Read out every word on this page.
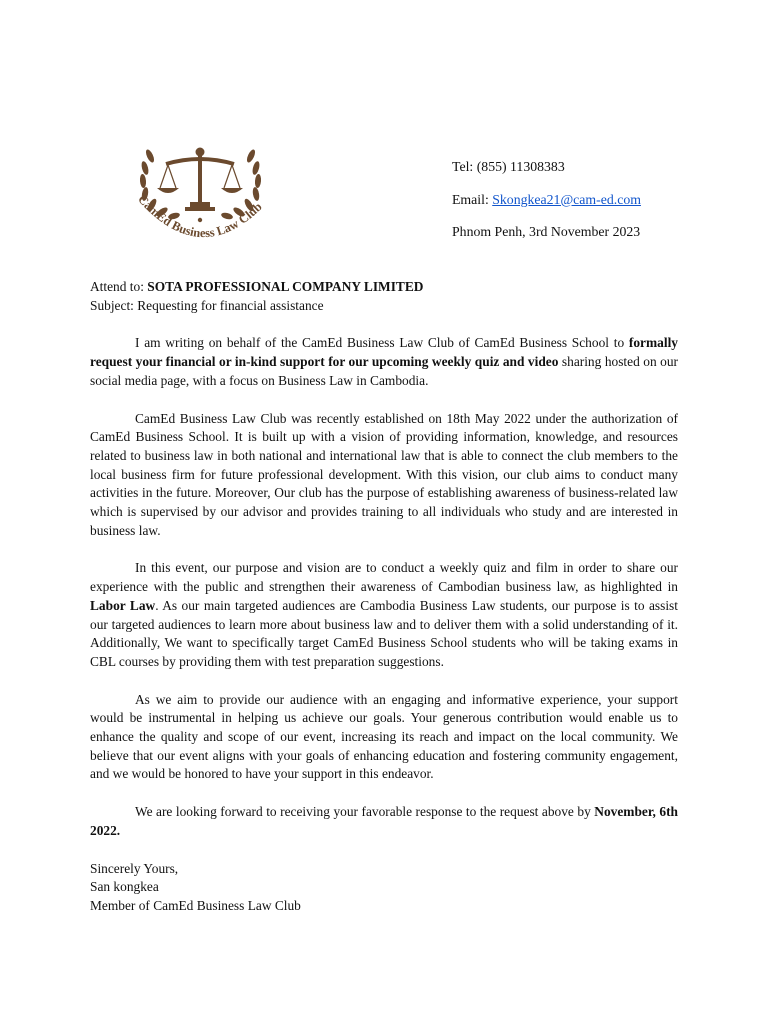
CamEd Business Law Club
Tel: (855) 11308383
Email: Skongkea21@cam-ed.com
Phnom Penh, 3rd November 2023

Attend to: SOTA PROFESSIONAL COMPANY LIMITED

Subject: Requesting for financial assistance

I am writing on behalf of the CamEd Business Law Club of CamEd Business School to formally request your financial or in-kind support for our upcoming weekly quiz and video sharing hosted on our social media page, with a focus on Business Law in Cambodia.

CamEd Business Law Club was recently established on 18th May 2022 under the authorization of CamEd Business School. It is built up with a vision of providing information, knowledge, and resources related to business law in both national and international law that is able to connect the club members to the local business firm for future professional development. With this vision, our club aims to conduct many activities in the future. Moreover, Our club has the purpose of establishing awareness of business-related law which is supervised by our advisor and provides training to all individuals who study and are interested in business law.

In this event, our purpose and vision are to conduct a weekly quiz and film in order to share our experience with the public and strengthen their awareness of Cambodian business law, as highlighted in Labor Law. As our main targeted audiences are Cambodia Business Law students, our purpose is to assist our targeted audiences to learn more about business law and to deliver them with a solid understanding of it. Additionally, We want to specifically target CamEd Business School students who will be taking exams in CBL courses by providing them with test preparation suggestions.

As we aim to provide our audience with an engaging and informative experience, your support would be instrumental in helping us achieve our goals. Your generous contribution would enable us to enhance the quality and scope of our event, increasing its reach and impact on the local community. We believe that our event aligns with your goals of enhancing education and fostering community engagement, and we would be honored to have your support in this endeavor.

We are looking forward to receiving your favorable response to the request above by November, 6th 2022.

Sincerely Yours,

San kongkea

Member of CamEd Business Law Club
